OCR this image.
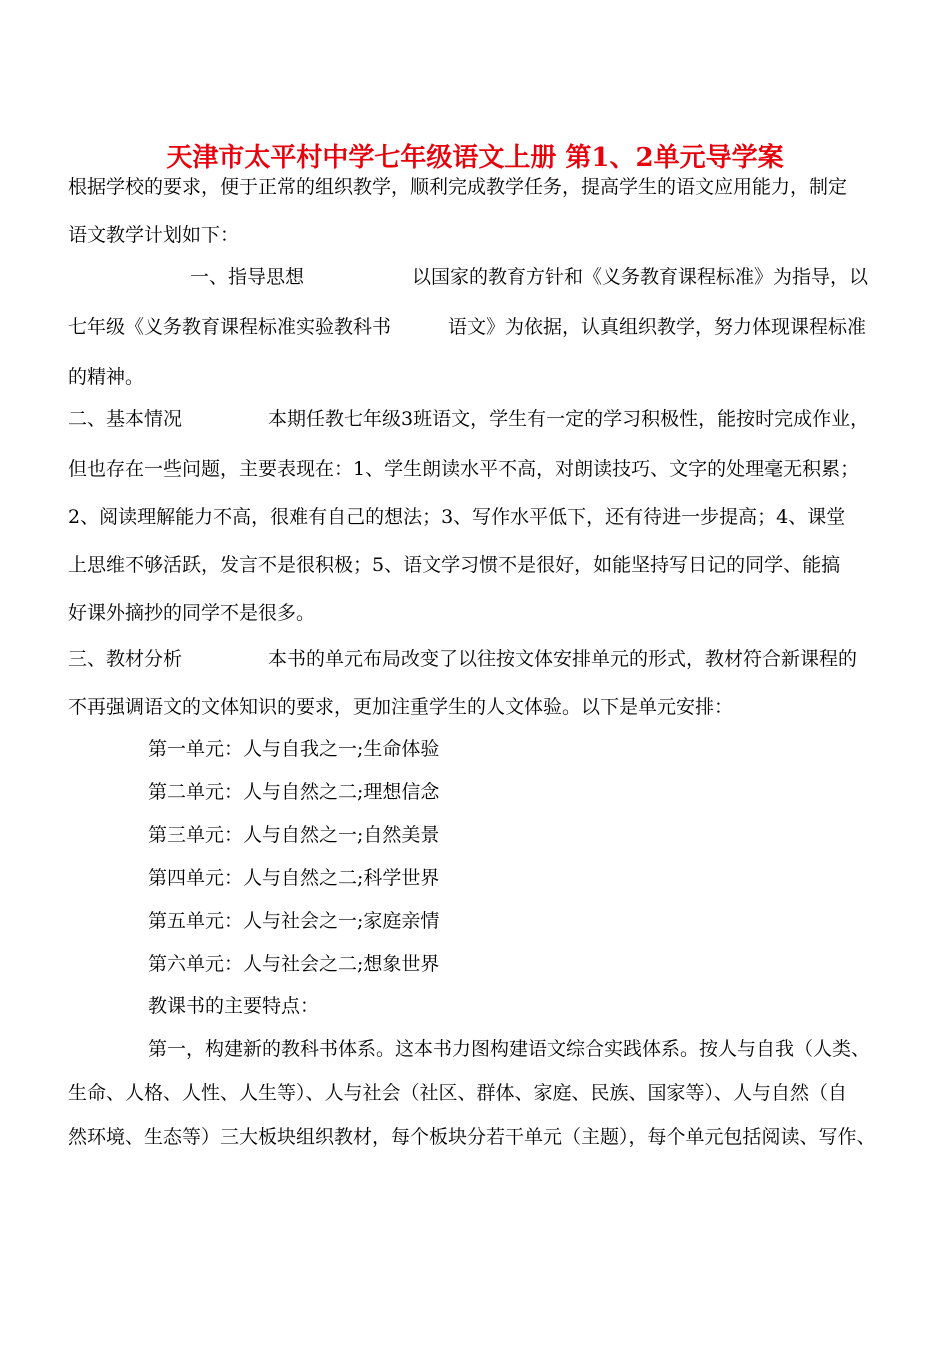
天津市太平村中学七年级语文上册 第1、2单元导学案
根据学校的要求，便于正常的组织教学，顺利完成教学任务，提高学生的语文应用能力，制定
语文教学计划如下：
一、指导思想	以国家的教育方针和《义务教育课程标准》为指导，以
七年级《义务教育课程标准实验教科书	语文》为依据，认真组织教学，努力体现课程标准
的精神。
二、基本情况	本期任教七年级3班语文，学生有一定的学习积极性，能按时完成作业，
但也存在一些问题，主要表现在：1、学生朗读水平不高，对朗读技巧、文字的处理毫无积累；
2、阅读理解能力不高，很难有自己的想法；3、写作水平低下，还有待进一步提高；4、课堂
上思维不够活跃，发言不是很积极；5、语文学习惯不是很好，如能坚持写日记的同学、能搞
好课外摘抄的同学不是很多。
三、教材分析	本书的单元布局改变了以往按文体安排单元的形式，教材符合新课程的
不再强调语文的文体知识的要求，更加注重学生的人文体验。以下是单元安排：
第一单元：人与自我之一;生命体验
第二单元：人与自然之二;理想信念
第三单元：人与自然之一;自然美景
第四单元：人与自然之二;科学世界
第五单元：人与社会之一;家庭亲情
第六单元：人与社会之二;想象世界
教课书的主要特点：
第一，构建新的教科书体系。这本书力图构建语文综合实践体系。按人与自我（人类、
生命、人格、人性、人生等）、人与社会（社区、群体、家庭、民族、国家等）、人与自然（自
然环境、生态等）三大板块组织教材，每个板块分若干单元（主题），每个单元包括阅读、写作、
